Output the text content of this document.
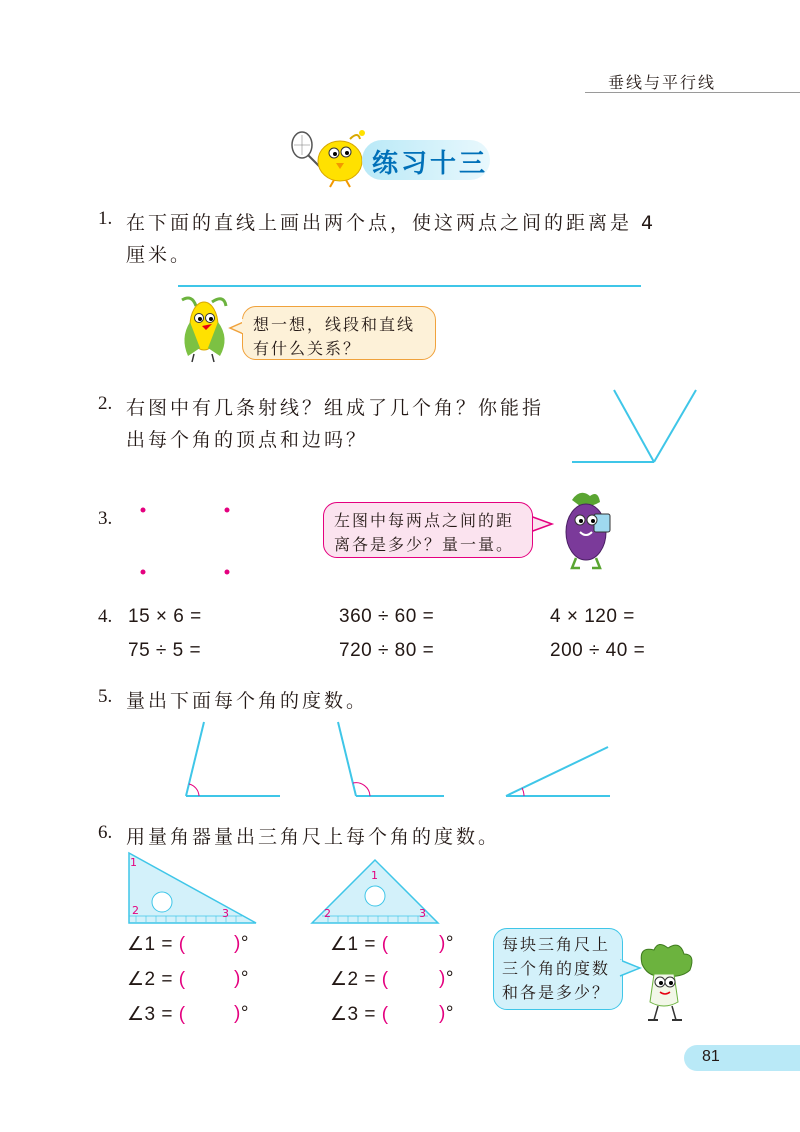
垂线与平行线
练习十三
1. 在下面的直线上画出两个点，使这两点之间的距离是 4
厘米。
想一想，线段和直线
有什么关系？
2. 右图中有几条射线？组成了几个角？你能指
出每个角的顶点和边吗？
3.	左图中每两点之间的距
离各是多少？量一量。
4. 15 × 6 =	360 ÷ 60 =	4 × 120 =
75 ÷ 5 =	720 ÷ 80 =	200 ÷ 40 =
5. 量出下面每个角的度数。
6. 用量角器量出三角尺上每个角的度数。
1
2	3
1
2	3
∠1 = (	)°
∠2 = (	)°
∠3 = (	)°
∠1 = (	)°
∠2 = (	)°
∠3 = (	)°
每块三角尺上
三个角的度数
和各是多少？
81
